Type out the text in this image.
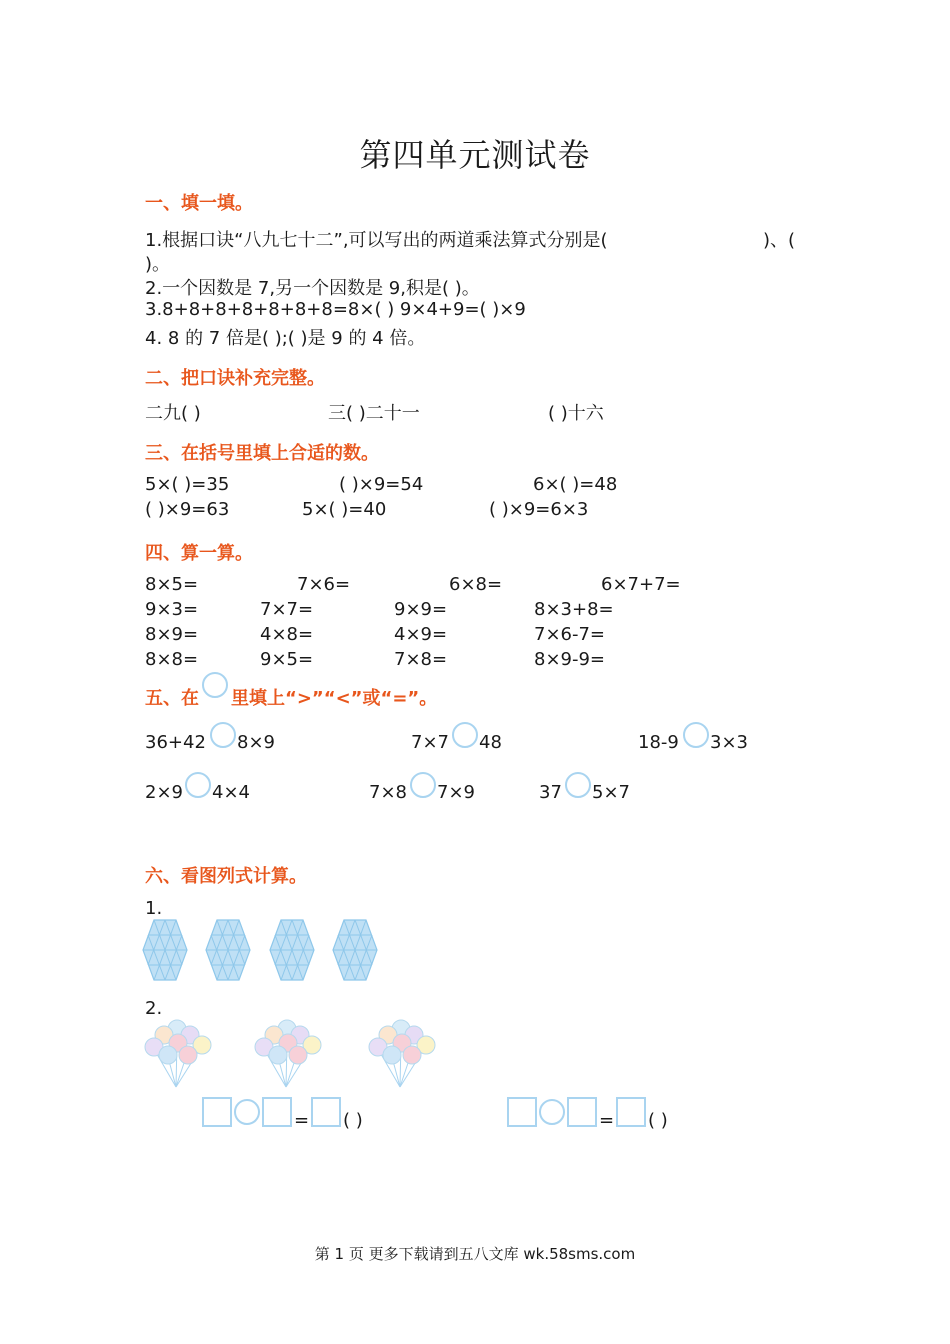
第四单元测试卷
一、填一填。
1.根据口诀“八九七十二”,可以写出的两道乘法算式分别是(	)、(
)。
2.一个因数是 7,另一个因数是 9,积是( )。
3.8+8+8+8+8+8+8=8×( ) 9×4+9=( )×9
4. 8 的 7 倍是( );( )是 9 的 4 倍。
二、把口诀补充完整。
二九( )	三( )二十一	( )十六
三、在括号里填上合适的数。
5×( )=35	( )×9=54	6×( )=48
( )×9=63	5×( )=40	( )×9=6×3
四、算一算。
8×5=	7×6=	6×8=	6×7+7=
9×3=	7×7=	9×9=	8×3+8=
8×9=	4×8=	4×9=	7×6-7=
8×8=	9×5=	7×8=	8×9-9=
五、在 里填上“>”“<”或“=”。
36+42 8×9	7×7 48	18-9 3×3
2×9 4×4	7×8 7×9	37 5×7
六、看图列式计算。
1.
2.
= ( )	= ( )
第 1 页 更多下载请到五八文库 wk.58sms.com
